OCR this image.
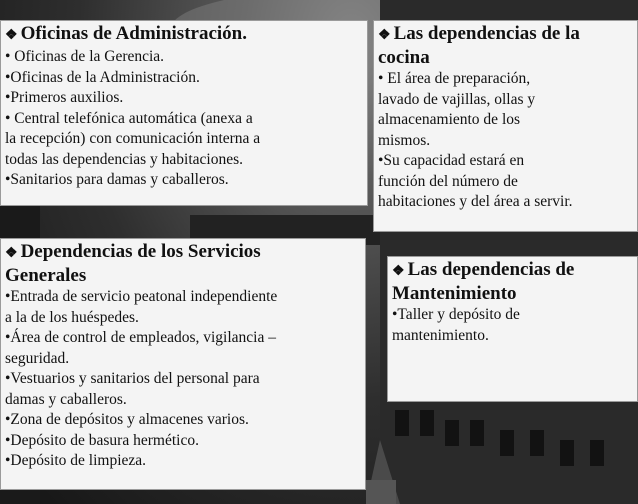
❖ Oficinas de Administración.
• Oficinas de la Gerencia.
•Oficinas de la Administración.
•Primeros auxilios.
• Central telefónica automática (anexa a
la recepción) con comunicación interna a
todas las dependencias y habitaciones.
•Sanitarios para damas y caballeros.
❖ Las dependencias de la
cocina
• El área de preparación,
lavado de vajillas, ollas y
almacenamiento de los
mismos.
•Su capacidad estará en
función del número de
habitaciones y del área a servir.
❖ Dependencias de los Servicios
Generales
•Entrada de servicio peatonal independiente
a la de los huéspedes.
•Área de control de empleados, vigilancia –
seguridad.
•Vestuarios y sanitarios del personal para
damas y caballeros.
•Zona de depósitos y almacenes varios.
•Depósito de basura hermético.
•Depósito de limpieza.
❖ Las dependencias de
Mantenimiento
•Taller y depósito de
mantenimiento.
